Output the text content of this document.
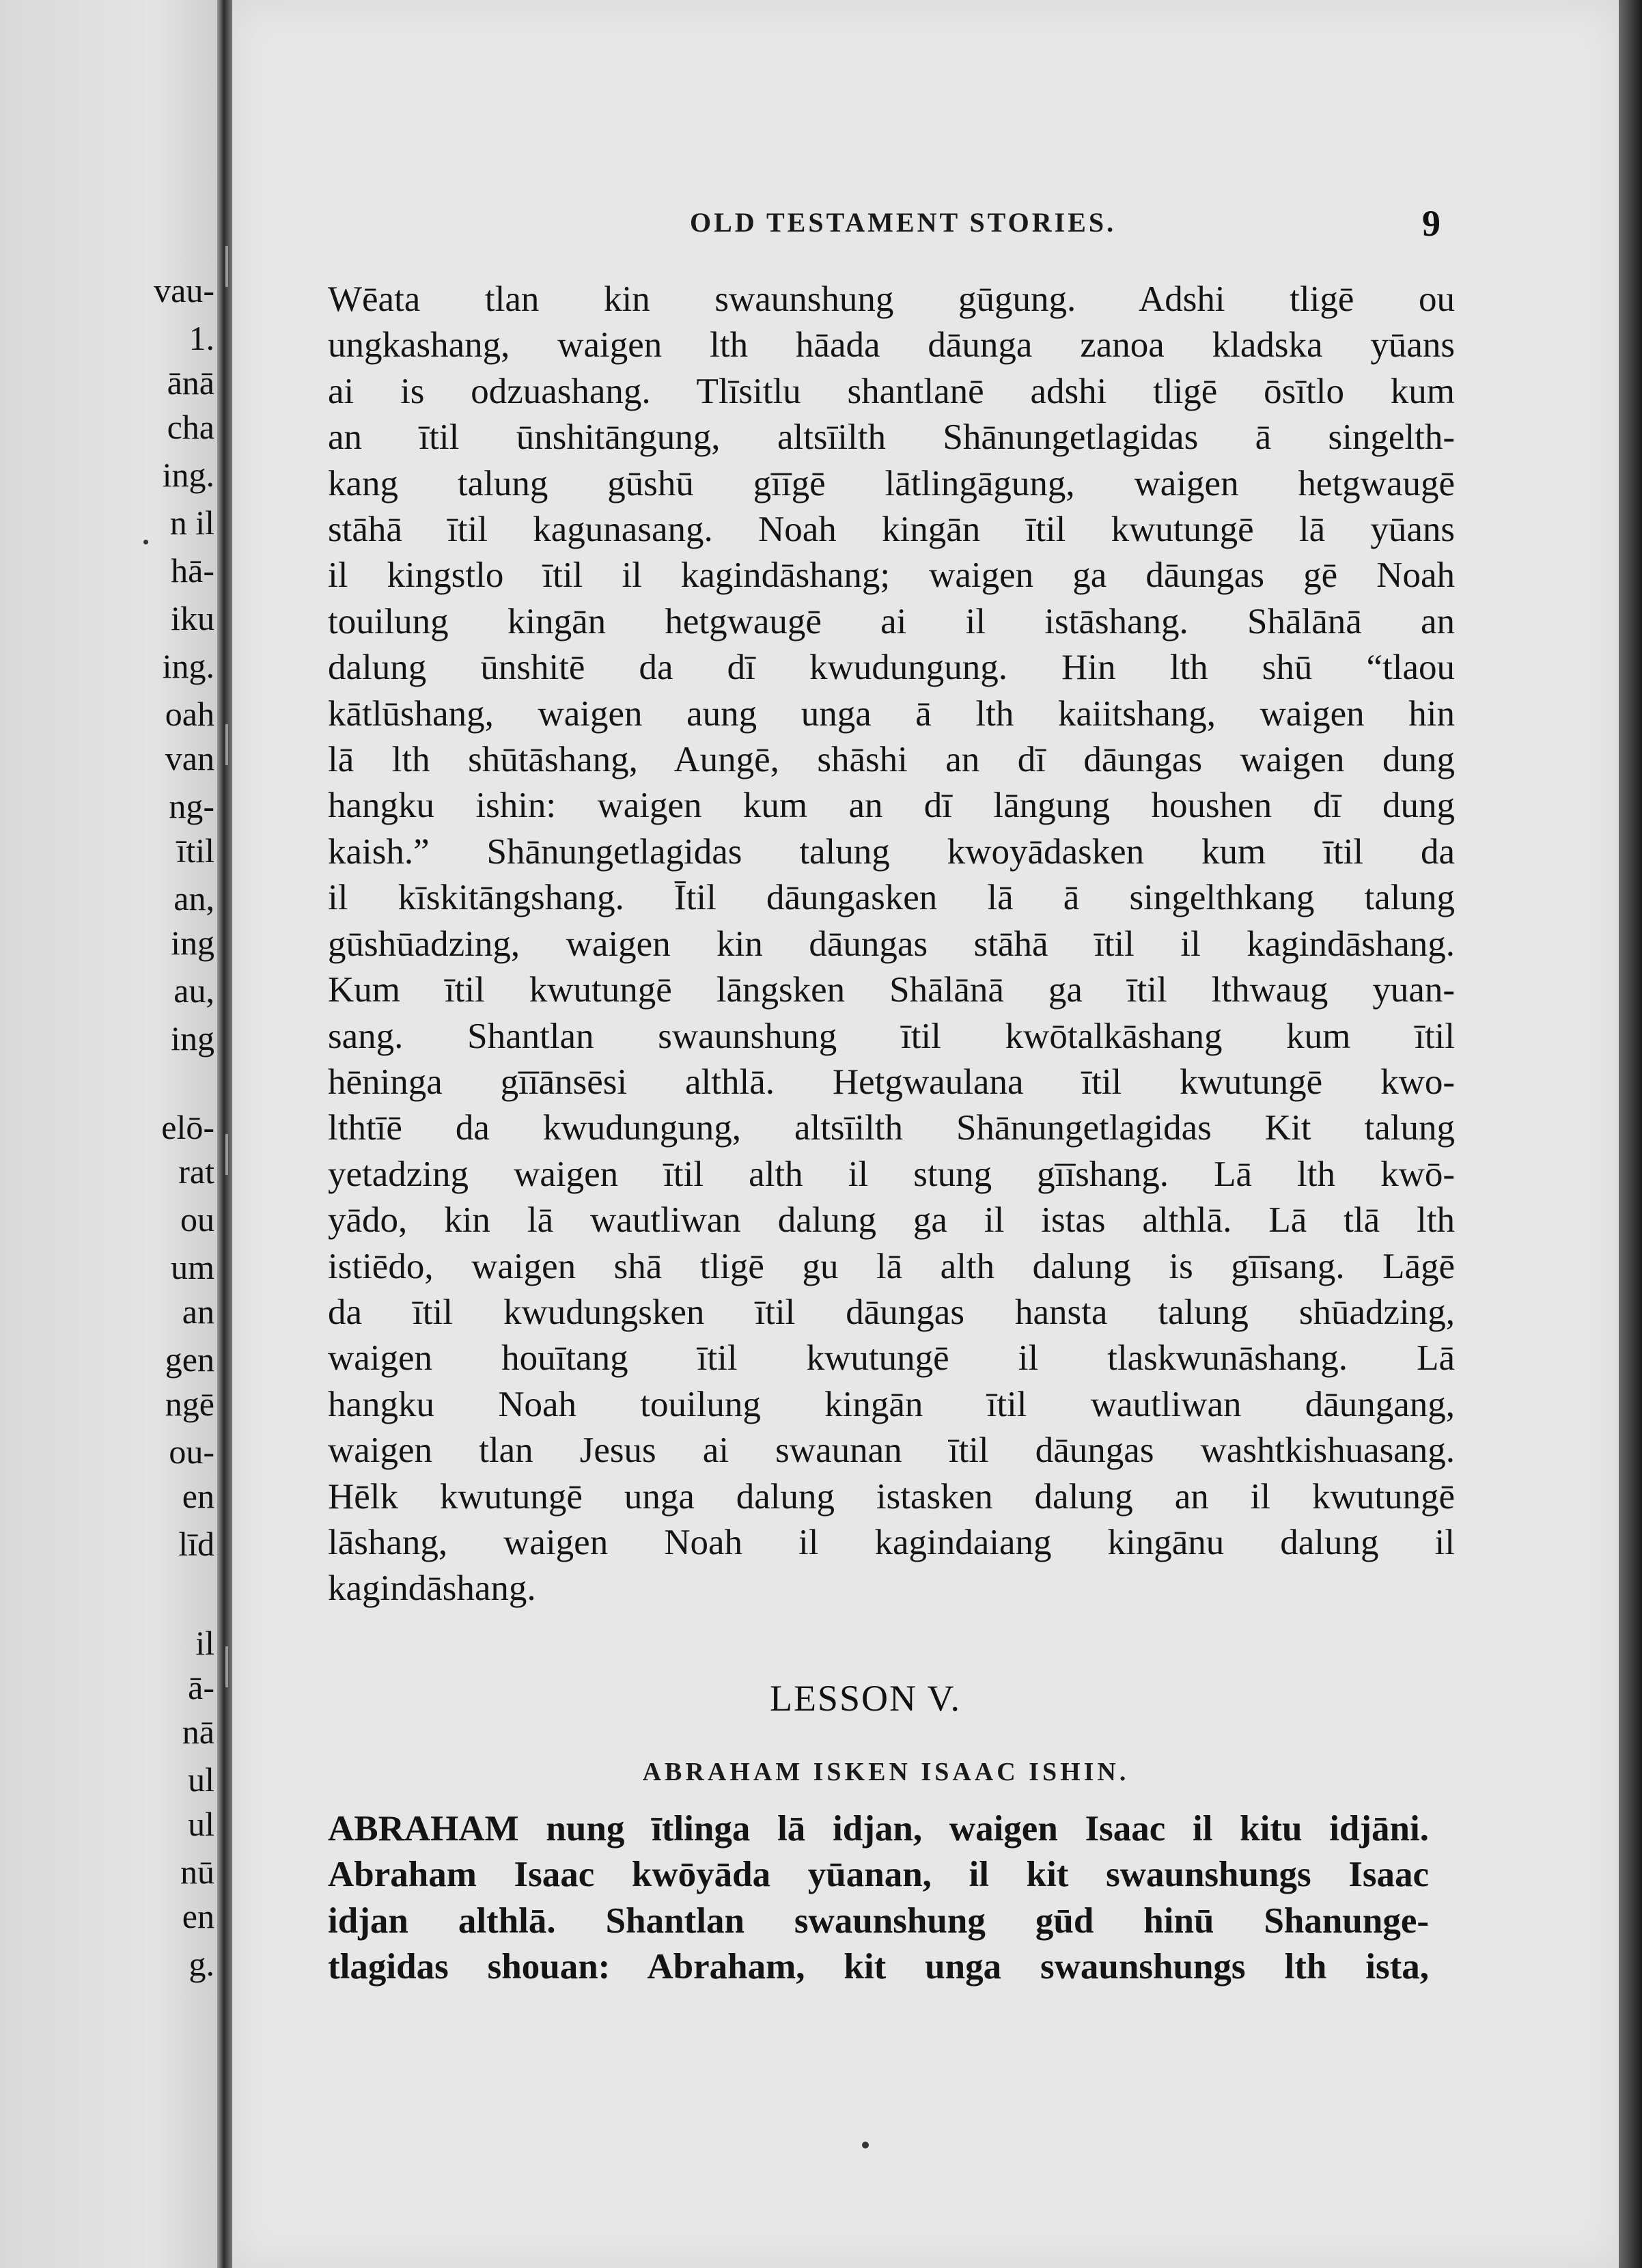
vau-
1.
ānā
cha
ing.
n il
hā-
iku
ing.
oah
van
ng-
ītil
an,
ing
au,
ing
elō-
rat
ou
um
an
gen
ngē
ou-
en
līd
il
ā-
nā
ul
ul
nū
en
g.
OLD TESTAMENT STORIES.	9
Wēata tlan kin swaunshung gūgung. Adshi tligē ou
ungkashang, waigen lth hāada dāunga zanoa kladska yūans
ai is odzuashang. Tlīsitlu shantlanē adshi tligē ōsītlo kum
an ītil ūnshitāngung, altsīilth Shānungetlagidas ā singelth-
kang talung gūshū gīīgē lātlingāgung, waigen hetgwaugē
stāhā ītil kagunasang. Noah kingān ītil kwutungē lā yūans
il kingstlo ītil il kagindāshang; waigen ga dāungas gē Noah
touilung kingān hetgwaugē ai il istāshang. Shālānā an
dalung ūnshitē da dī kwudungung. Hin lth shū “tlaou
kātlūshang, waigen aung unga ā lth kaiitshang, waigen hin
lā lth shūtāshang, Aungē, shāshi an dī dāungas waigen dung
hangku ishin: waigen kum an dī lāngung houshen dī dung
kaish.” Shānungetlagidas talung kwoyādasken kum ītil da
il kīskitāngshang. Ītil dāungasken lā ā singelthkang talung
gūshūadzing, waigen kin dāungas stāhā ītil il kagindāshang.
Kum ītil kwutungē lāngsken Shālānā ga ītil lthwaug yuan-
sang. Shantlan swaunshung ītil kwōtalkāshang kum ītil
hēninga gīīānsēsi althlā. Hetgwaulana ītil kwutungē kwo-
lthtīē da kwudungung, altsīilth Shānungetlagidas Kit talung
yetadzing waigen ītil alth il stung gīīshang. Lā lth kwō-
yādo, kin lā wautliwan dalung ga il istas althlā. Lā tlā lth
istiēdo, waigen shā tligē gu lā alth dalung is gīīsang. Lāgē
da ītil kwudungsken ītil dāungas hansta talung shūadzing,
waigen houītang ītil kwutungē il tlaskwunāshang. Lā
hangku Noah touilung kingān ītil wautliwan dāungang,
waigen tlan Jesus ai swaunan ītil dāungas washtkishuasang.
Hēlk kwutungē unga dalung istasken dalung an il kwutungē
lāshang, waigen Noah il kagindaiang kingānu dalung il
kagindāshang.
LESSON V.
ABRAHAM ISKEN ISAAC ISHIN.
ABRAHAM nung ītlinga lā idjan, waigen Isaac il kitu idjāni.
Abraham Isaac kwōyāda yūanan, il kit swaunshungs Isaac
idjan althlā. Shantlan swaunshung gūd hinū Shanunge-
tlagidas shouan: Abraham, kit unga swaunshungs lth ista,
